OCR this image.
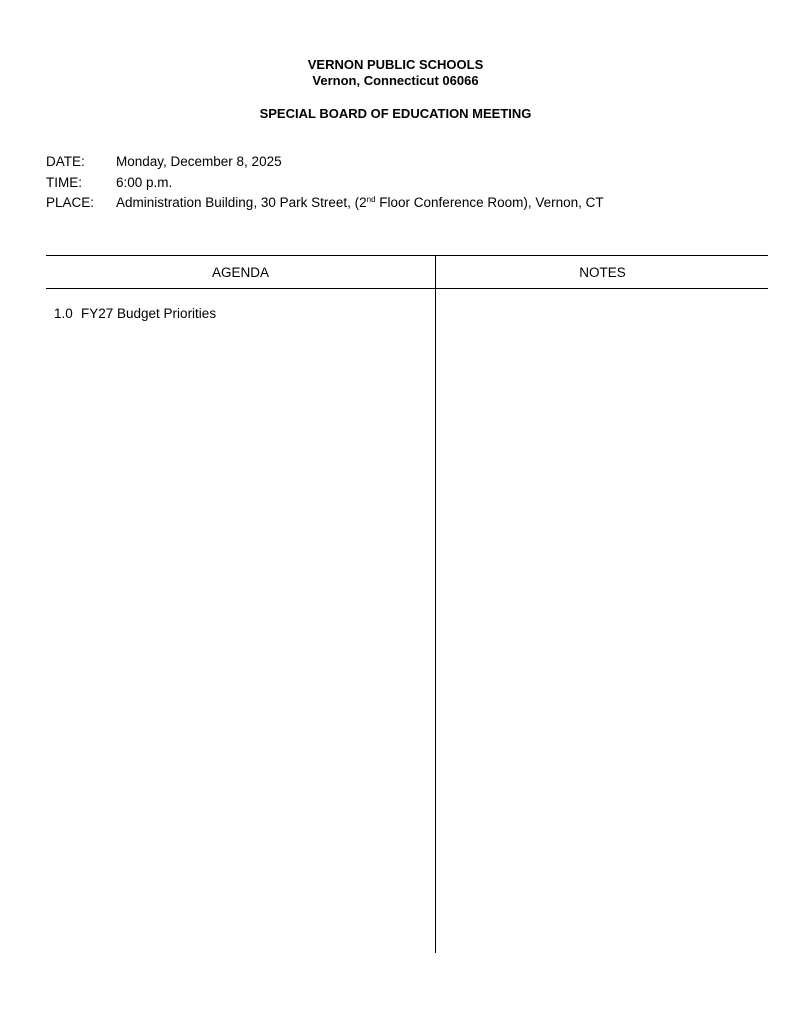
VERNON PUBLIC SCHOOLS
Vernon, Connecticut 06066
SPECIAL BOARD OF EDUCATION MEETING
DATE: Monday, December 8, 2025
TIME:	6:00 p.m.
PLACE: Administration Building, 30 Park Street, (2nd Floor Conference Room), Vernon, CT
AGENDA	NOTES
1.0 FY27 Budget Priorities
